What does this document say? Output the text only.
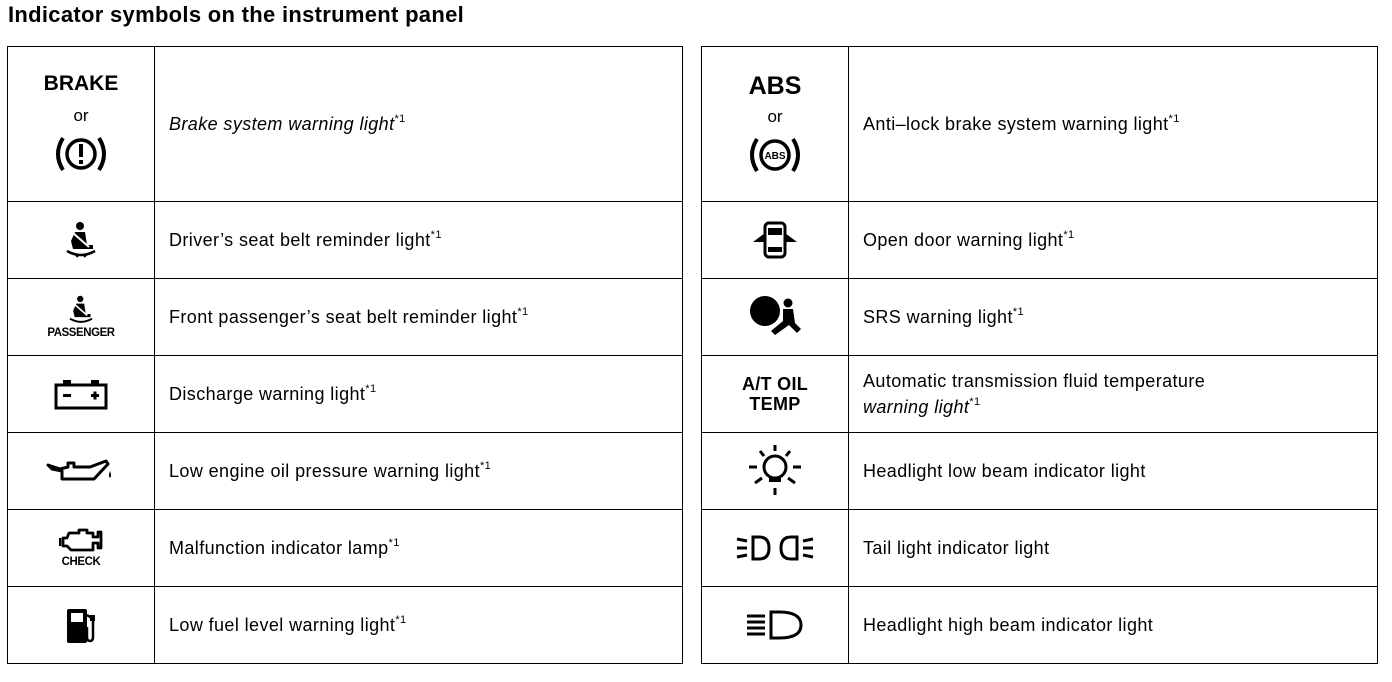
Indicator symbols on the instrument panel
BRAKE
or	Brake system warning light$^{*1}$

	Driver’s seat belt reminder light$^{*1}$

PASSENGER	Front passenger’s seat belt reminder light$^{*1}$

	Discharge warning light$^{*1}$

	Low engine oil pressure warning light$^{*1}$

CHECK	Malfunction indicator lamp$^{*1}$

	Low fuel level warning light$^{*1}$
ABS
or
ABS	Anti–lock brake system warning light$^{*1}$

	Open door warning light$^{*1}$

	SRS warning light$^{*1}$

A/T OIL
TEMP	Automatic transmission fluid temperature
warning light$^{*1}$

	Headlight low beam indicator light

	Tail light indicator light

	Headlight high beam indicator light
